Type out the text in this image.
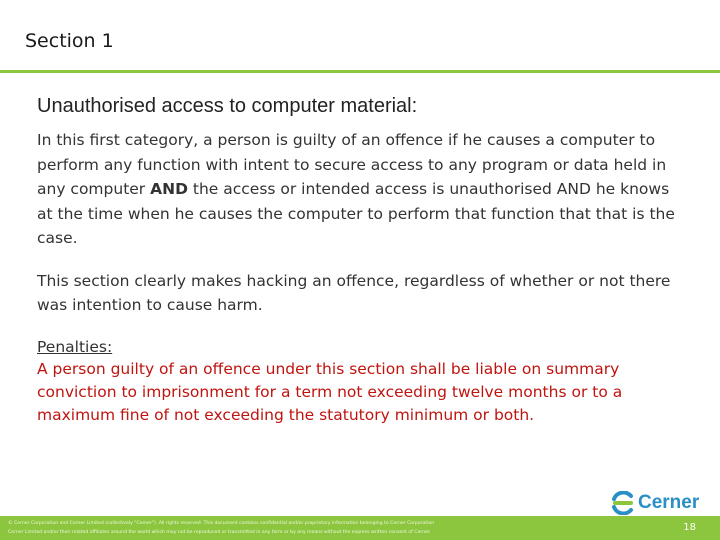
Section 1
Unauthorised access to computer material:

In this first category, a person is guilty of an offence if he causes a computer to perform any function with intent to secure access to any program or data held in any computer AND the access or intended access is unauthorised AND he knows at the time when he causes the computer to perform that function that that is the case.

This section clearly makes hacking an offence, regardless of whether or not there was intention to cause harm.

Penalties:

A person guilty of an offence under this section shall be liable on summary conviction to imprisonment for a term not exceeding twelve months or to a maximum fine of not exceeding the statutory minimum or both.

Cerner
© Cerner Corporation and Cerner Limited (collectively "Cerner"). All rights reserved. This document contains confidential and/or proprietary information belonging to Cerner Corporation
Cerner Limited and/or their related affiliates around the world which may not be reproduced or transmitted in any form or by any means without the express written consent of Cerner.	18
